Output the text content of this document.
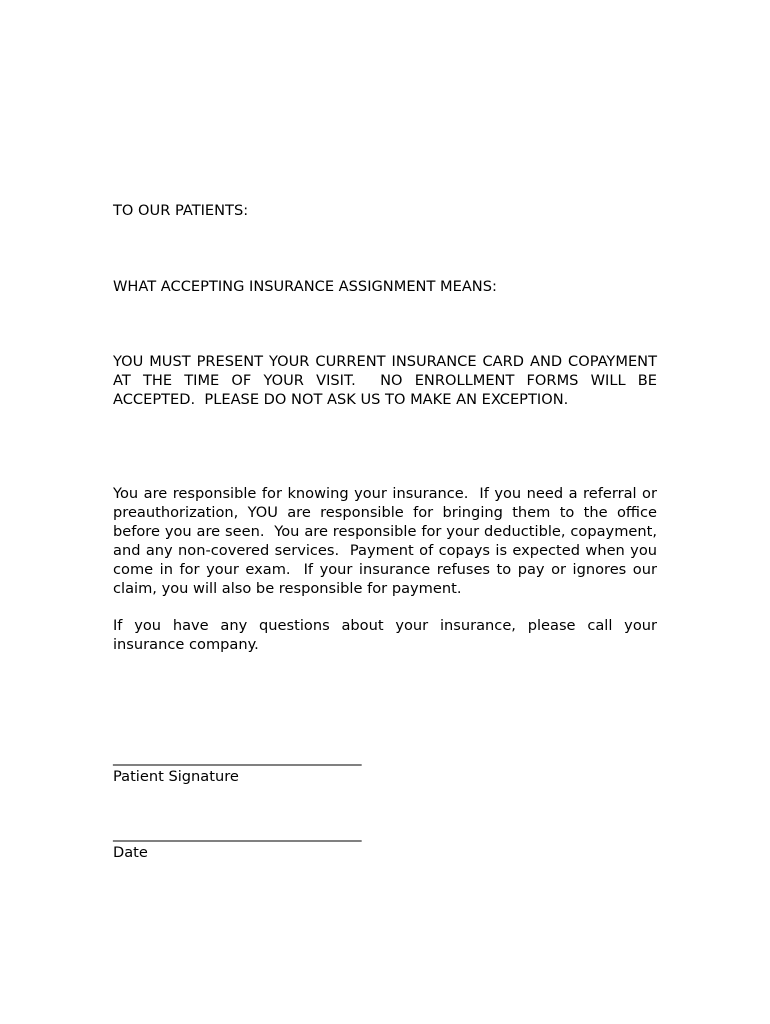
TO OUR PATIENTS:
WHAT ACCEPTING INSURANCE ASSIGNMENT MEANS:
YOU MUST PRESENT YOUR CURRENT INSURANCE CARD AND COPAYMENT AT THE TIME OF YOUR VISIT.  NO ENROLLMENT FORMS WILL BE ACCEPTED.  PLEASE DO NOT ASK US TO MAKE AN EXCEPTION.
You are responsible for knowing your insurance.  If you need a referral or preauthorization, YOU are responsible for bringing them to the office before you are seen.  You are responsible for your deductible, copayment, and any non-covered services.  Payment of copays is expected when you come in for your exam.  If your insurance refuses to pay or ignores our claim, you will also be responsible for payment.
If you have any questions about your insurance, please call your insurance company.
___________________________________
Patient Signature
___________________________________
Date
